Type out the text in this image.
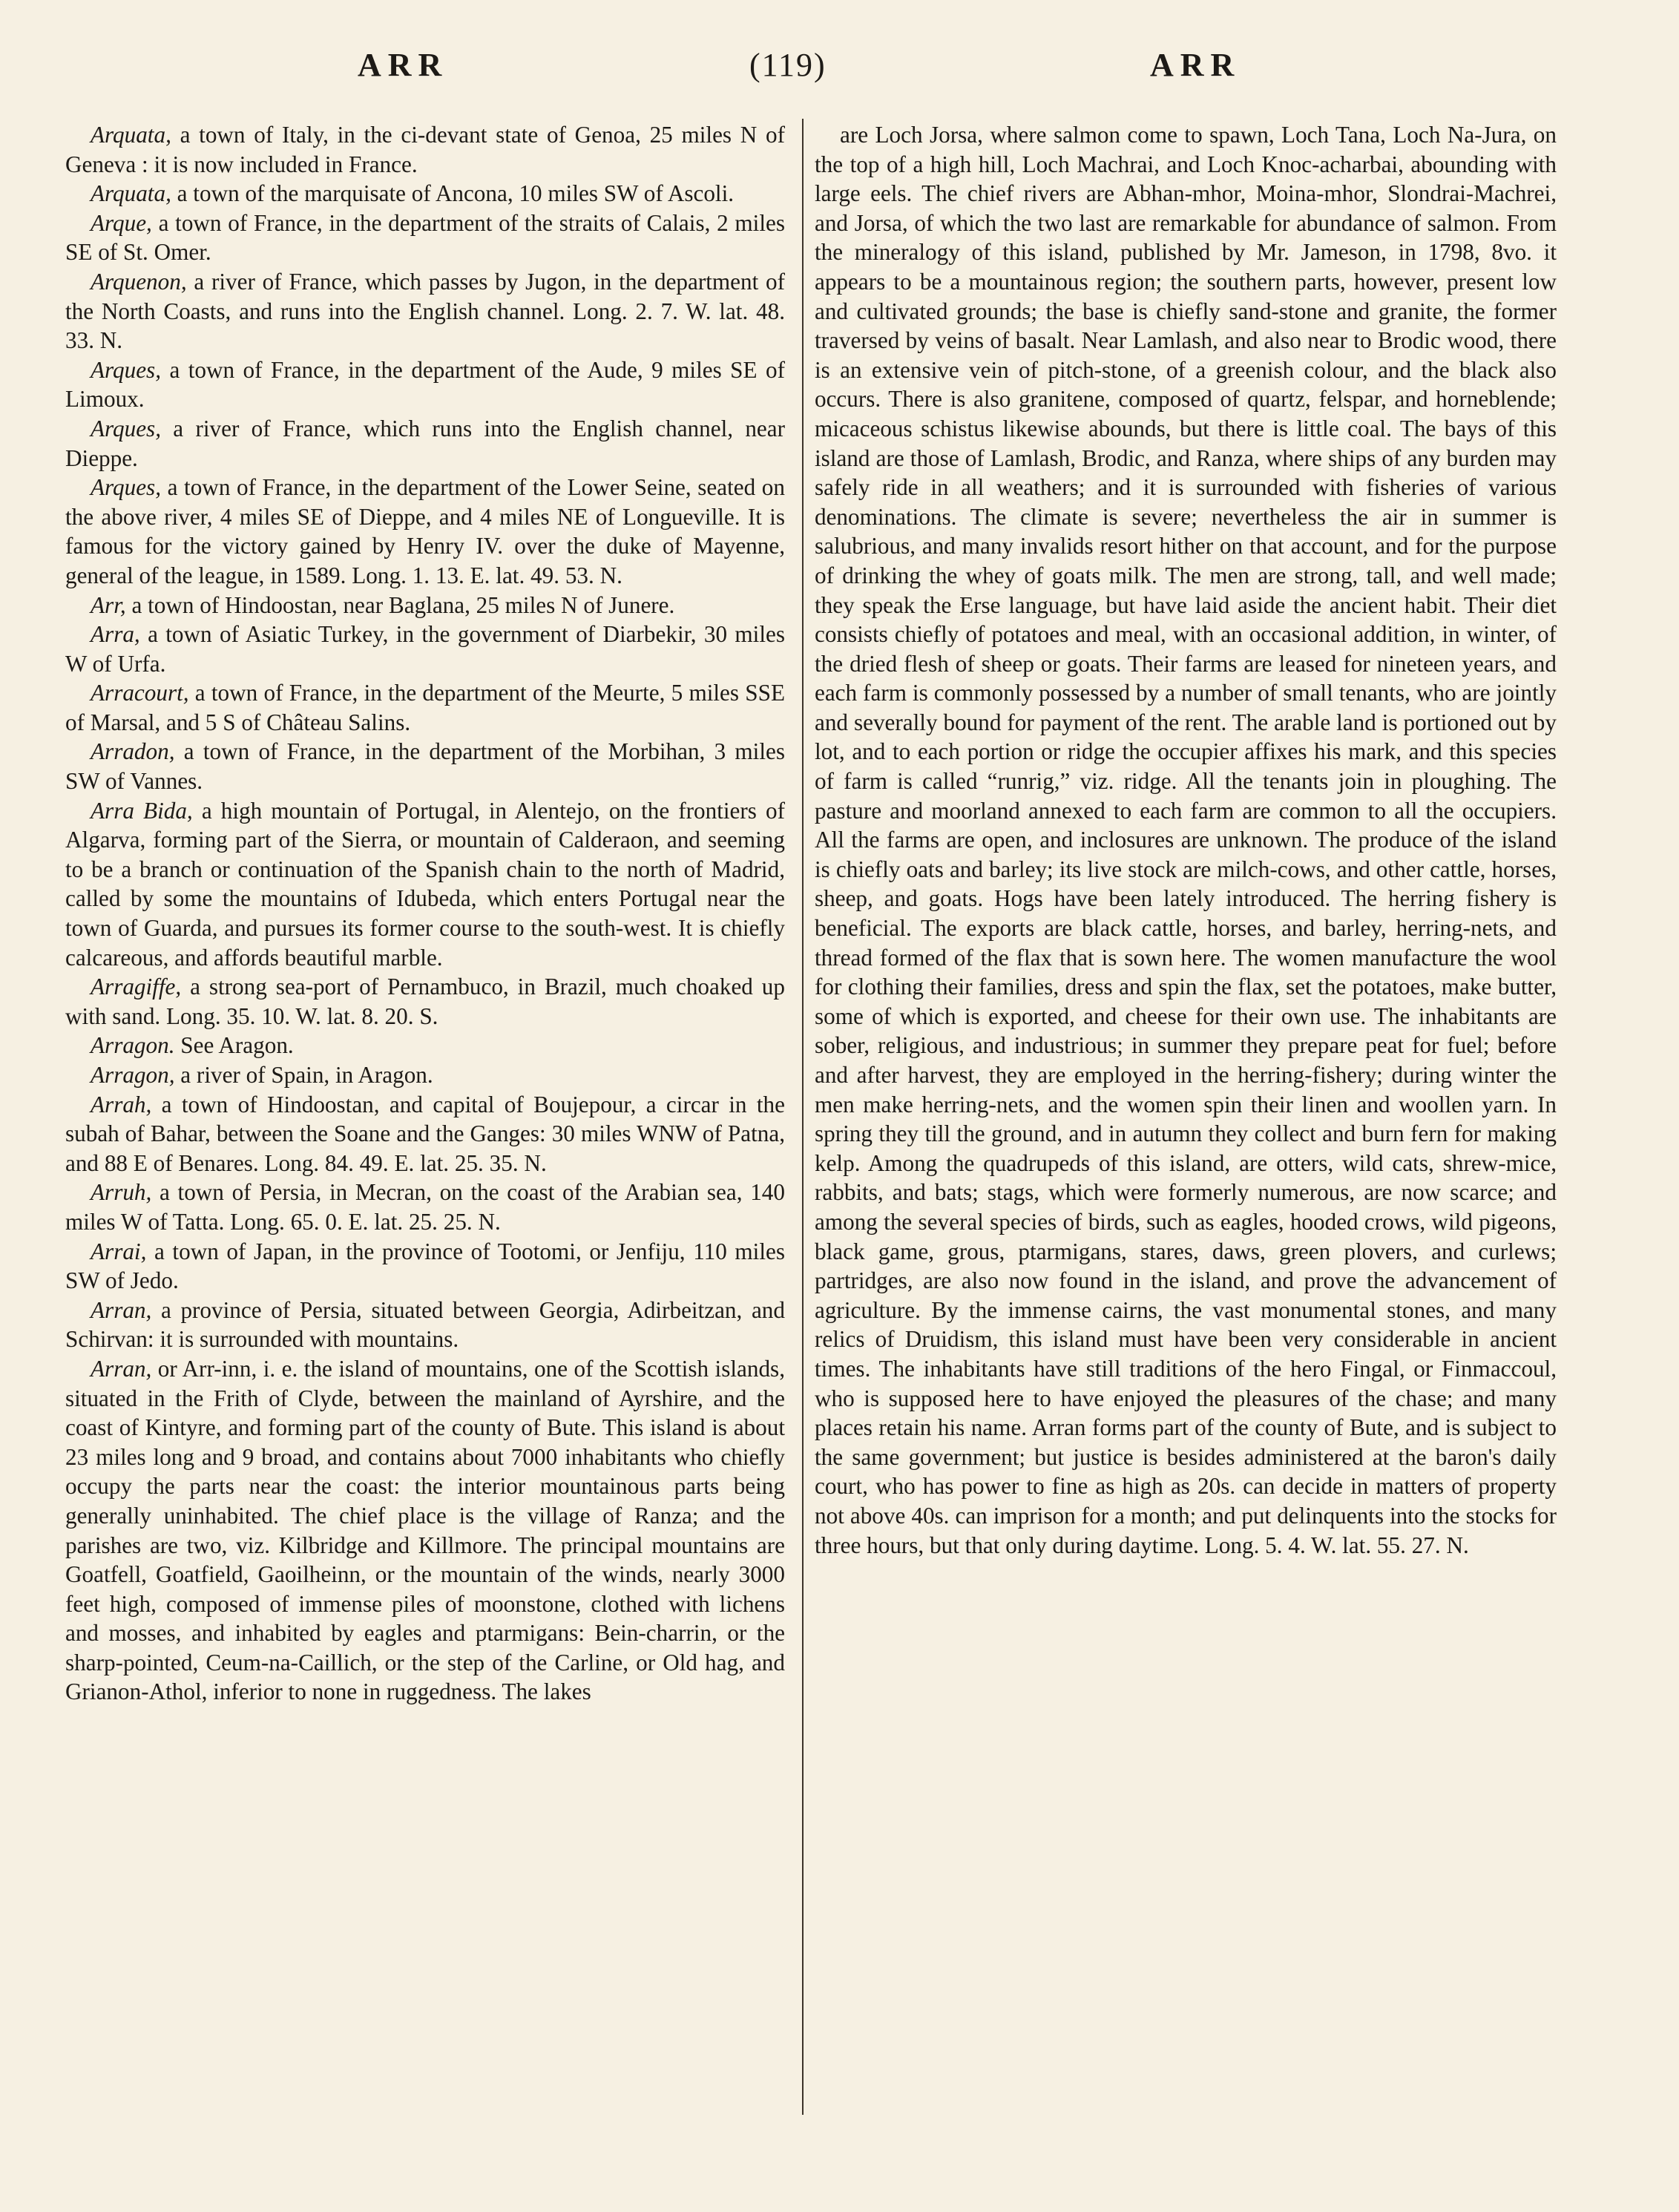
ARR	(119)	ARR

Arquata, a town of Italy, in the ci-devant state of Genoa, 25 miles N of Geneva : it is now included in France.

Arquata, a town of the marquisate of Ancona, 10 miles SW of Ascoli.

Arque, a town of France, in the department of the straits of Calais, 2 miles SE of St. Omer.

Arquenon, a river of France, which passes by Jugon, in the department of the North Coasts, and runs into the English channel. Long. 2. 7. W. lat. 48. 33. N.

Arques, a town of France, in the department of the Aude, 9 miles SE of Limoux.

Arques, a river of France, which runs into the English channel, near Dieppe.

Arques, a town of France, in the department of the Lower Seine, seated on the above river, 4 miles SE of Dieppe, and 4 miles NE of Longueville. It is famous for the victory gained by Henry IV. over the duke of Mayenne, general of the league, in 1589. Long. 1. 13. E. lat. 49. 53. N.

Arr, a town of Hindoostan, near Baglana, 25 miles N of Junere.

Arra, a town of Asiatic Turkey, in the government of Diarbekir, 30 miles W of Urfa.

Arracourt, a town of France, in the department of the Meurte, 5 miles SSE of Marsal, and 5 S of Château Salins.

Arradon, a town of France, in the department of the Morbihan, 3 miles SW of Vannes.

Arra Bida, a high mountain of Portugal, in Alentejo, on the frontiers of Algarva, forming part of the Sierra, or mountain of Calderaon, and seeming to be a branch or continuation of the Spanish chain to the north of Madrid, called by some the mountains of Idubeda, which enters Portugal near the town of Guarda, and pursues its former course to the south-west. It is chiefly calcareous, and affords beautiful marble.

Arragiffe, a strong sea-port of Pernambuco, in Brazil, much choaked up with sand. Long. 35. 10. W. lat. 8. 20. S.

Arragon. See Aragon.

Arragon, a river of Spain, in Aragon.

Arrah, a town of Hindoostan, and capital of Boujepour, a circar in the subah of Bahar, between the Soane and the Ganges: 30 miles WNW of Patna, and 88 E of Benares. Long. 84. 49. E. lat. 25. 35. N.

Arruh, a town of Persia, in Mecran, on the coast of the Arabian sea, 140 miles W of Tatta. Long. 65. 0. E. lat. 25. 25. N.

Arrai, a town of Japan, in the province of Tootomi, or Jenfiju, 110 miles SW of Jedo.

Arran, a province of Persia, situated between Georgia, Adirbeitzan, and Schirvan: it is surrounded with mountains.

Arran, or Arr-inn, i. e. the island of mountains, one of the Scottish islands, situated in the Frith of Clyde, between the mainland of Ayrshire, and the coast of Kintyre, and forming part of the county of Bute. This island is about 23 miles long and 9 broad, and contains about 7000 inhabitants who chiefly occupy the parts near the coast: the interior mountainous parts being generally uninhabited. The chief place is the village of Ranza; and the parishes are two, viz. Kilbridge and Killmore. The principal mountains are Goatfell, Goatfield, Gaoilheinn, or the mountain of the winds, nearly 3000 feet high, composed of immense piles of moonstone, clothed with lichens and mosses, and inhabited by eagles and ptarmigans: Bein-charrin, or the sharp-pointed, Ceum-na-Caillich, or the step of the Carline, or Old hag, and Grianon-Athol, inferior to none in ruggedness. The lakes

are Loch Jorsa, where salmon come to spawn, Loch Tana, Loch Na-Jura, on the top of a high hill, Loch Machrai, and Loch Knoc-acharbai, abounding with large eels. The chief rivers are Abhan-mhor, Moina-mhor, Slondrai-Machrei, and Jorsa, of which the two last are remarkable for abundance of salmon. From the mineralogy of this island, published by Mr. Jameson, in 1798, 8vo. it appears to be a mountainous region; the southern parts, however, present low and cultivated grounds; the base is chiefly sand-stone and granite, the former traversed by veins of basalt. Near Lamlash, and also near to Brodic wood, there is an extensive vein of pitch-stone, of a greenish colour, and the black also occurs. There is also granitene, composed of quartz, felspar, and horneblende; micaceous schistus likewise abounds, but there is little coal. The bays of this island are those of Lamlash, Brodic, and Ranza, where ships of any burden may safely ride in all weathers; and it is surrounded with fisheries of various denominations. The climate is severe; nevertheless the air in summer is salubrious, and many invalids resort hither on that account, and for the purpose of drinking the whey of goats milk. The men are strong, tall, and well made; they speak the Erse language, but have laid aside the ancient habit. Their diet consists chiefly of potatoes and meal, with an occasional addition, in winter, of the dried flesh of sheep or goats. Their farms are leased for nineteen years, and each farm is commonly possessed by a number of small tenants, who are jointly and severally bound for payment of the rent. The arable land is portioned out by lot, and to each portion or ridge the occupier affixes his mark, and this species of farm is called “runrig,” viz. ridge. All the tenants join in ploughing. The pasture and moorland annexed to each farm are common to all the occupiers. All the farms are open, and inclosures are unknown. The produce of the island is chiefly oats and barley; its live stock are milch-cows, and other cattle, horses, sheep, and goats. Hogs have been lately introduced. The herring fishery is beneficial. The exports are black cattle, horses, and barley, herring-nets, and thread formed of the flax that is sown here. The women manufacture the wool for clothing their families, dress and spin the flax, set the potatoes, make butter, some of which is exported, and cheese for their own use. The inhabitants are sober, religious, and industrious; in summer they prepare peat for fuel; before and after harvest, they are employed in the herring-fishery; during winter the men make herring-nets, and the women spin their linen and woollen yarn. In spring they till the ground, and in autumn they collect and burn fern for making kelp. Among the quadrupeds of this island, are otters, wild cats, shrew-mice, rabbits, and bats; stags, which were formerly numerous, are now scarce; and among the several species of birds, such as eagles, hooded crows, wild pigeons, black game, grous, ptarmigans, stares, daws, green plovers, and curlews; partridges, are also now found in the island, and prove the advancement of agriculture. By the immense cairns, the vast monumental stones, and many relics of Druidism, this island must have been very considerable in ancient times. The inhabitants have still traditions of the hero Fingal, or Finmaccoul, who is supposed here to have enjoyed the pleasures of the chase; and many places retain his name. Arran forms part of the county of Bute, and is subject to the same government; but justice is besides administered at the baron's daily court, who has power to fine as high as 20s. can decide in matters of property not above 40s. can imprison for a month; and put delinquents into the stocks for three hours, but that only during daytime. Long. 5. 4. W. lat. 55. 27. N.
